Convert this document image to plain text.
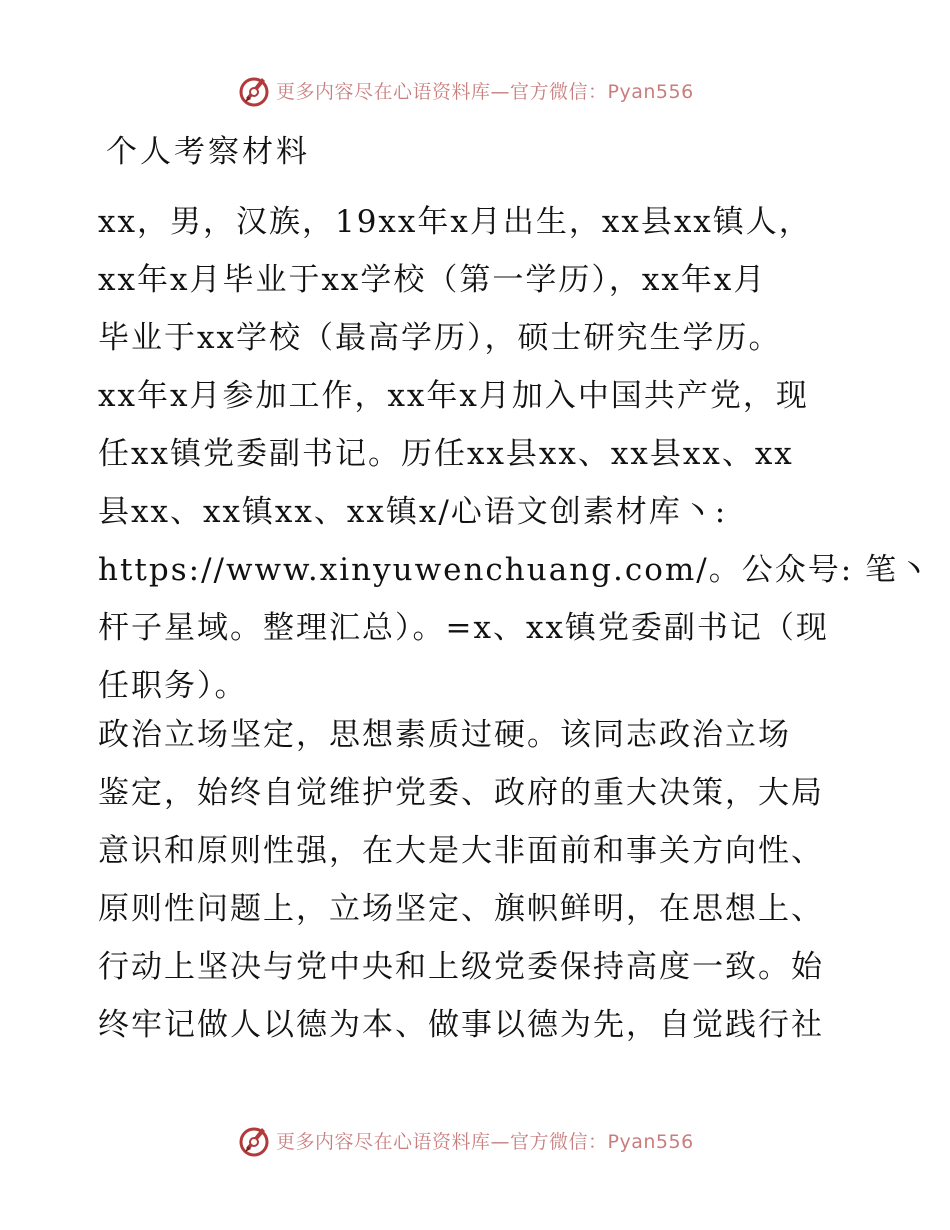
更多内容尽在心语资料库—官方微信：Pyan556
个人考察材料
xx，男，汉族，19xx年x月出生，xx县xx镇人，
xx年x月毕业于xx学校（第一学历），xx年x月
毕业于xx学校（最高学历），硕士研究生学历。
xx年x月参加工作，xx年x月加入中国共产党，现
任xx镇党委副书记。历任xx县xx、xx县xx、xx
县xx、xx镇xx、xx镇x/心语文创素材库丶:
https://www.xinyuwenchuang.com/。公众号: 笔丶
杆子星域。整理汇总）。=x、xx镇党委副书记（现
任职务）。
政治立场坚定，思想素质过硬。该同志政治立场
鉴定，始终自觉维护党委、政府的重大决策，大局
意识和原则性强，在大是大非面前和事关方向性、
原则性问题上，立场坚定、旗帜鲜明，在思想上、
行动上坚决与党中央和上级党委保持高度一致。始
终牢记做人以德为本、做事以德为先，自觉践行社
更多内容尽在心语资料库—官方微信：Pyan556
